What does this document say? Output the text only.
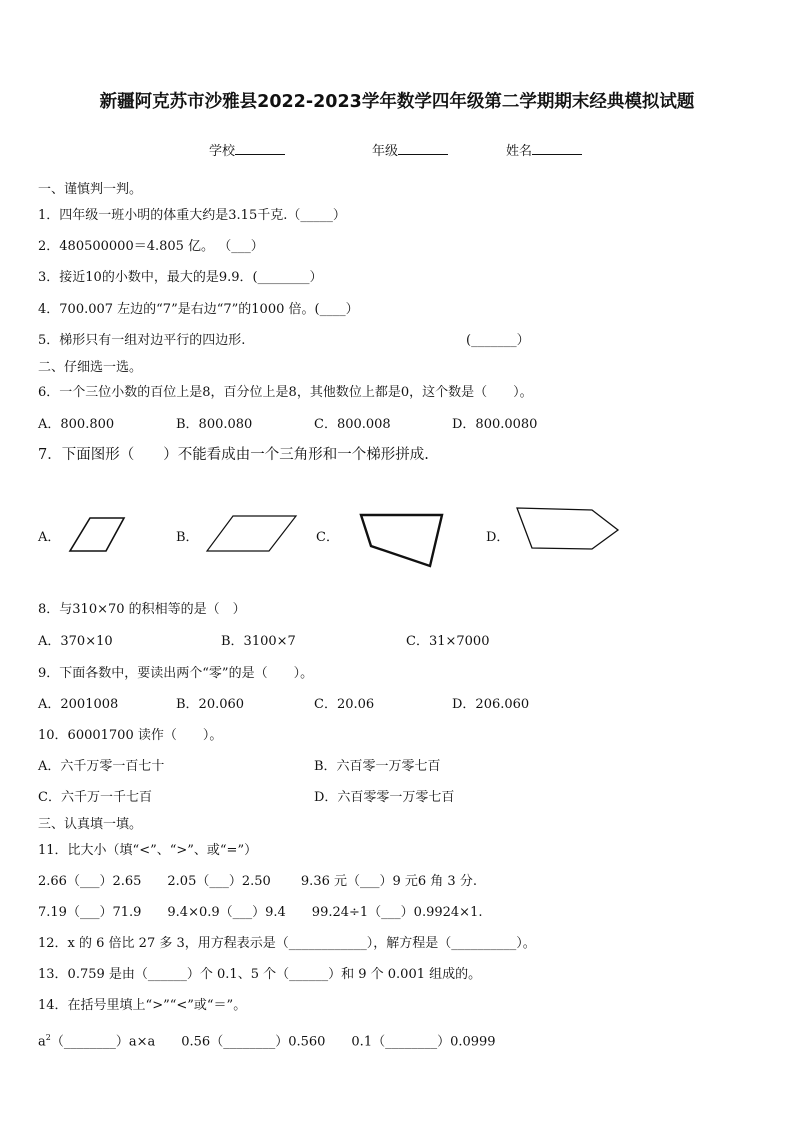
新疆阿克苏市沙雅县2022-2023学年数学四年级第二学期期末经典模拟试题
学校	年级	姓名
一、谨慎判一判。
1．四年级一班小明的体重大约是3.15千克.（_____）
2．480500000＝4.805 亿。 （___）
3．接近10的小数中，最大的是9.9．(________）
4．700.007 左边的“7”是右边“7”的1000 倍。(____）
5．梯形只有一组对边平行的四边形.	(_______）
二、仔细选一选。
6．一个三位小数的百位上是8，百分位上是8，其他数位上都是0，这个数是（　　）。
A．800.800	B．800.080	C．800.008	D．800.0080
7．下面图形（　　）不能看成由一个三角形和一个梯形拼成.
A．	B．	C．	D．
8．与310×70 的积相等的是（　）
A．370×10	B．3100×7	C．31×7000
9．下面各数中，要读出两个“零”的是（　　）。
A．2001008	B．20.060	C．20.06	D．206.060
10．60001700 读作（　　）。
A．六千万零一百七十	B．六百零一万零七百
C．六千万一千七百	D．六百零零一万零七百
三、认真填一填。
11．比大小（填“<”、“>”、或“=”）
2.66（___）2.65　　2.05（___）2.50　　 9.36 元（___）9 元6 角 3 分.
7.19（___）71.9　　9.4×0.9（___）9.4　　99.24÷1（___）0.9924×1.
12．x 的 6 倍比 27 多 3，用方程表示是（____________），解方程是（__________）。
13．0.759 是由（______）个 0.1、5 个（______）和 9 个 0.001 组成的。
14．在括号里填上“>”“<”或“＝”。
$a^2(\_\_\_\_\_\_\_\_)a\times a$　　0.56（________）0.560　　0.1（________）0.0999
